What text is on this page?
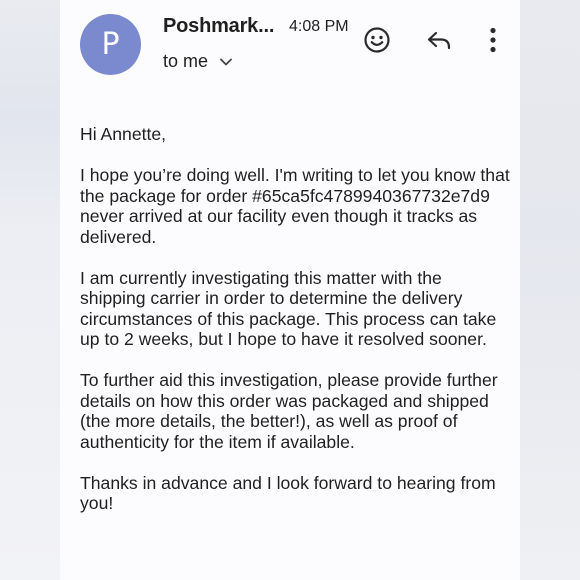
P
Poshmark... 4:08 PM
to me

Hi Annette,

I hope you’re doing well. I'm writing to let you know that the package for order #65ca5fc4789940367732e7d9 never arrived at our facility even though it tracks as delivered.

I am currently investigating this matter with the shipping carrier in order to determine the delivery circumstances of this package. This process can take up to 2 weeks, but I hope to have it resolved sooner.

To further aid this investigation, please provide further details on how this order was packaged and shipped (the more details, the better!), as well as proof of authenticity for the item if available.

Thanks in advance and I look forward to hearing from you!
